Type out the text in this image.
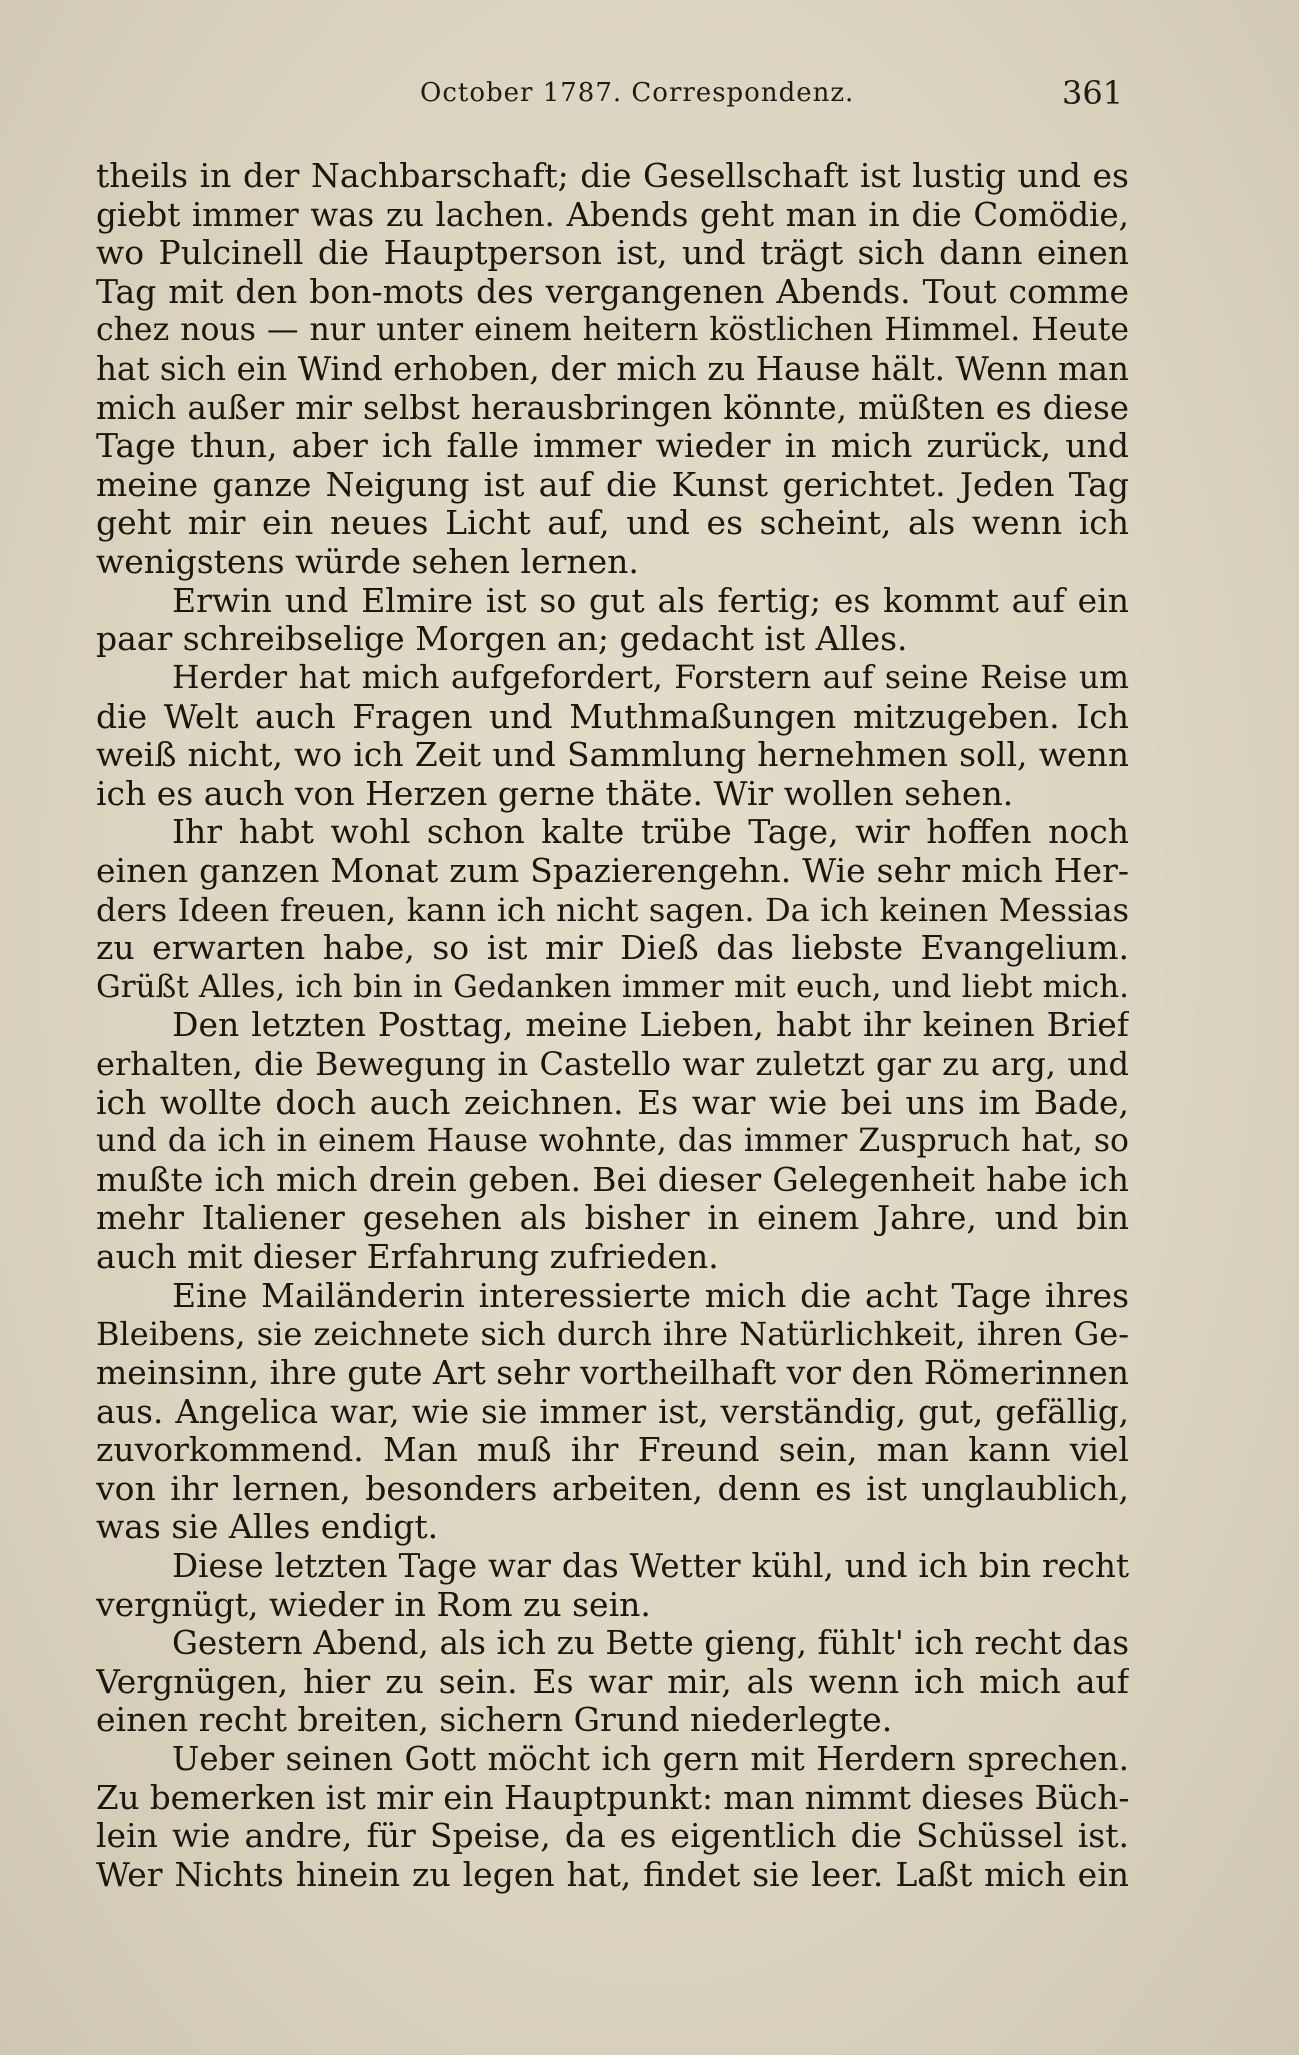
October 1787. Correspondenz.	361
theils in der Nachbarschaft; die Gesellschaft ist lustig und es
giebt immer was zu lachen. Abends geht man in die Comödie,
wo Pulcinell die Hauptperson ist, und trägt sich dann einen
Tag mit den bon-mots des vergangenen Abends. Tout comme
chez nous — nur unter einem heitern köstlichen Himmel. Heute
hat sich ein Wind erhoben, der mich zu Hause hält. Wenn man
mich außer mir selbst herausbringen könnte, müßten es diese
Tage thun, aber ich falle immer wieder in mich zurück, und
meine ganze Neigung ist auf die Kunst gerichtet. Jeden Tag
geht mir ein neues Licht auf, und es scheint, als wenn ich
wenigstens würde sehen lernen.
Erwin und Elmire ist so gut als fertig; es kommt auf ein
paar schreibselige Morgen an; gedacht ist Alles.
Herder hat mich aufgefordert, Forstern auf seine Reise um
die Welt auch Fragen und Muthmaßungen mitzugeben. Ich
weiß nicht, wo ich Zeit und Sammlung hernehmen soll, wenn
ich es auch von Herzen gerne thäte. Wir wollen sehen.
Ihr habt wohl schon kalte trübe Tage, wir hoffen noch
einen ganzen Monat zum Spazierengehn. Wie sehr mich Her-
ders Ideen freuen, kann ich nicht sagen. Da ich keinen Messias
zu erwarten habe, so ist mir Dieß das liebste Evangelium.
Grüßt Alles, ich bin in Gedanken immer mit euch, und liebt mich.
Den letzten Posttag, meine Lieben, habt ihr keinen Brief
erhalten, die Bewegung in Castello war zuletzt gar zu arg, und
ich wollte doch auch zeichnen. Es war wie bei uns im Bade,
und da ich in einem Hause wohnte, das immer Zuspruch hat, so
mußte ich mich drein geben. Bei dieser Gelegenheit habe ich
mehr Italiener gesehen als bisher in einem Jahre, und bin
auch mit dieser Erfahrung zufrieden.
Eine Mailänderin interessierte mich die acht Tage ihres
Bleibens, sie zeichnete sich durch ihre Natürlichkeit, ihren Ge-
meinsinn, ihre gute Art sehr vortheilhaft vor den Römerinnen
aus. Angelica war, wie sie immer ist, verständig, gut, gefällig,
zuvorkommend. Man muß ihr Freund sein, man kann viel
von ihr lernen, besonders arbeiten, denn es ist unglaublich,
was sie Alles endigt.
Diese letzten Tage war das Wetter kühl, und ich bin recht
vergnügt, wieder in Rom zu sein.
Gestern Abend, als ich zu Bette gieng, fühlt' ich recht das
Vergnügen, hier zu sein. Es war mir, als wenn ich mich auf
einen recht breiten, sichern Grund niederlegte.
Ueber seinen Gott möcht ich gern mit Herdern sprechen.
Zu bemerken ist mir ein Hauptpunkt: man nimmt dieses Büch-
lein wie andre, für Speise, da es eigentlich die Schüssel ist.
Wer Nichts hinein zu legen hat, findet sie leer. Laßt mich ein
